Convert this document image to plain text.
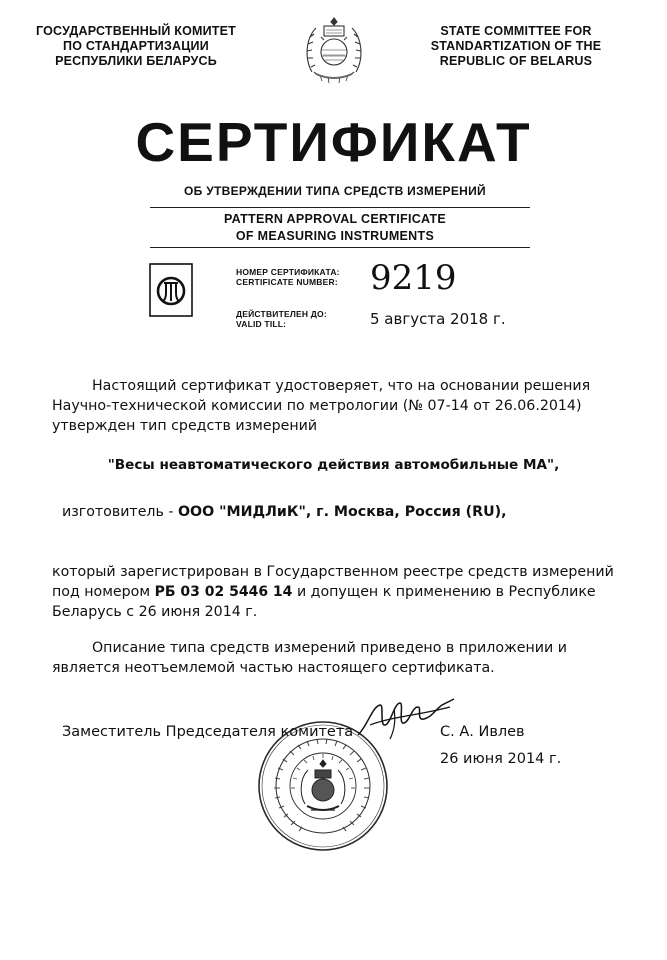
ГОСУДАРСТВЕННЫЙ КОМИТЕТ
ПО СТАНДАРТИЗАЦИИ
РЕСПУБЛИКИ БЕЛАРУСЬ
STATE COMMITTEE FOR
STANDARTIZATION OF THE
REPUBLIC OF BELARUS
СЕРТИФИКАТ
ОБ УТВЕРЖДЕНИИ ТИПА СРЕДСТВ ИЗМЕРЕНИЙ
PATTERN APPROVAL CERTIFICATE
OF MEASURING INSTRUMENTS
НОМЕР СЕРТИФИКАТА:
CERTIFICATE NUMBER: 9219
ДЕЙСТВИТЕЛЕН ДО:
VALID TILL:	5 августа 2018 г.
Настоящий сертификат удостоверяет, что на основании решения
Научно-технической комиссии по метрологии (№ 07-14 от 26.06.2014)
утвержден тип средств измерений
"Весы неавтоматического действия автомобильные МА",
изготовитель - ООО "МИДЛиК", г. Москва, Россия (RU),
который зарегистрирован в Государственном реестре средств измерений
под номером РБ 03 02 5446 14 и допущен к применению в Республике
Беларусь с 26 июня 2014 г.
Описание типа средств измерений приведено в приложении и
является неотъемлемой частью настоящего сертификата.
Заместитель Председателя комитета	С. А. Ивлев
26 июня 2014 г.
